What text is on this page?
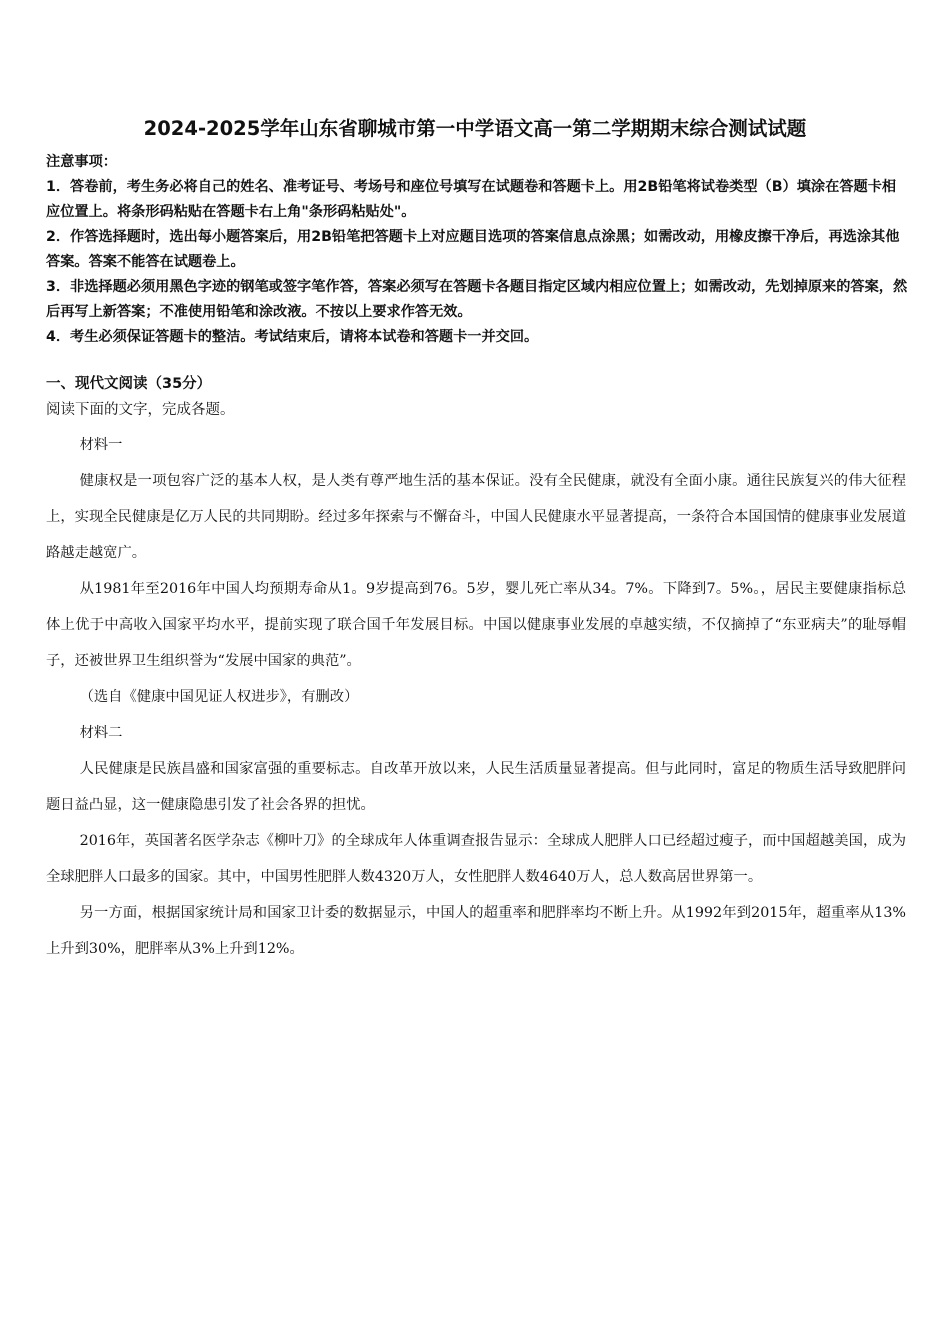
2024-2025学年山东省聊城市第一中学语文高一第二学期期末综合测试试题
注意事项：

1．答卷前，考生务必将自己的姓名、准考证号、考场号和座位号填写在试题卷和答题卡上。用2B铅笔将试卷类型（B）填涂在答题卡相应位置上。将条形码粘贴在答题卡右上角"条形码粘贴处"。

2．作答选择题时，选出每小题答案后，用2B铅笔把答题卡上对应题目选项的答案信息点涂黑；如需改动，用橡皮擦干净后，再选涂其他答案。答案不能答在试题卷上。

3．非选择题必须用黑色字迹的钢笔或签字笔作答，答案必须写在答题卡各题目指定区域内相应位置上；如需改动，先划掉原来的答案，然后再写上新答案；不准使用铅笔和涂改液。不按以上要求作答无效。

4．考生必须保证答题卡的整洁。考试结束后，请将本试卷和答题卡一并交回。

一、现代文阅读（35分）
阅读下面的文字，完成各题。

材料一

健康权是一项包容广泛的基本人权，是人类有尊严地生活的基本保证。没有全民健康，就没有全面小康。通往民族复兴的伟大征程上，实现全民健康是亿万人民的共同期盼。经过多年探索与不懈奋斗，中国人民健康水平显著提高，一条符合本国国情的健康事业发展道路越走越宽广。

从1981年至2016年中国人均预期寿命从1。9岁提高到76。5岁，婴儿死亡率从34。7%。下降到7。5%。，居民主要健康指标总体上优于中高收入国家平均水平，提前实现了联合国千年发展目标。中国以健康事业发展的卓越实绩，不仅摘掉了“东亚病夫”的耻辱帽子，还被世界卫生组织誉为“发展中国家的典范”。

（选自《健康中国见证人权进步》，有删改）

材料二

人民健康是民族昌盛和国家富强的重要标志。自改革开放以来，人民生活质量显著提高。但与此同时，富足的物质生活导致肥胖问题日益凸显，这一健康隐患引发了社会各界的担忧。

2016年，英国著名医学杂志《柳叶刀》的全球成年人体重调查报告显示：全球成人肥胖人口已经超过瘦子，而中国超越美国，成为全球肥胖人口最多的国家。其中，中国男性肥胖人数4320万人，女性肥胖人数4640万人，总人数高居世界第一。

另一方面，根据国家统计局和国家卫计委的数据显示，中国人的超重率和肥胖率均不断上升。从1992年到2015年，超重率从13%上升到30%，肥胖率从3%上升到12%。
